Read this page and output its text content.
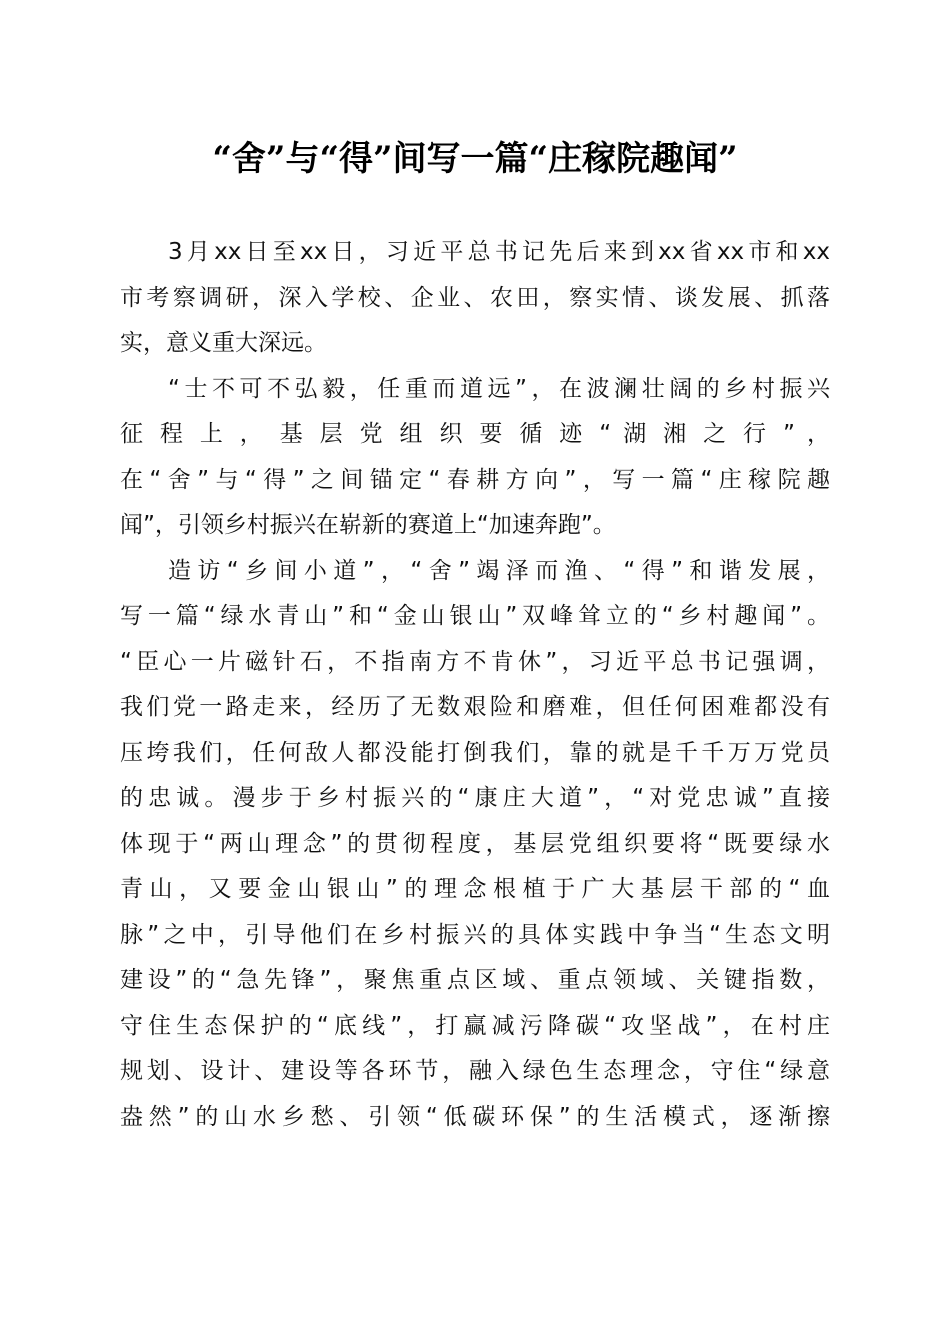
“舍”与“得”间写一篇“庄稼院趣闻”
3月xx日至xx日，习近平总书记先后来到xx省xx市和xx
市考察调研，深入学校、企业、农田，察实情、谈发展、抓落
实，意义重大深远。
“士不可不弘毅，任重而道远”，在波澜壮阔的乡村振兴
征 程 上 ， 基 层 党 组 织 要 循 迹 “ 湖 湘 之 行 ” ，
在“舍”与“得”之间锚定“春耕方向”，写一篇“庄稼院趣
闻”，引领乡村振兴在崭新的赛道上“加速奔跑”。
造访“乡间小道”，“舍”竭泽而渔、“得”和谐发展，
写一篇“绿水青山”和“金山银山”双峰耸立的“乡村趣闻”。
“臣心一片磁针石，不指南方不肯休”，习近平总书记强调，
我们党一路走来，经历了无数艰险和磨难，但任何困难都没有
压垮我们，任何敌人都没能打倒我们，靠的就是千千万万党员
的忠诚。漫步于乡村振兴的“康庄大道”，“对党忠诚”直接
体现于“两山理念”的贯彻程度，基层党组织要将“既要绿水
青山，又要金山银山”的理念根植于广大基层干部的“血
脉”之中，引导他们在乡村振兴的具体实践中争当“生态文明
建设”的“急先锋”，聚焦重点区域、重点领域、关键指数，
守住生态保护的“底线”，打赢减污降碳“攻坚战”，在村庄
规划、设计、建设等各环节，融入绿色生态理念，守住“绿意
盎然”的山水乡愁、引领“低碳环保”的生活模式，逐渐擦
